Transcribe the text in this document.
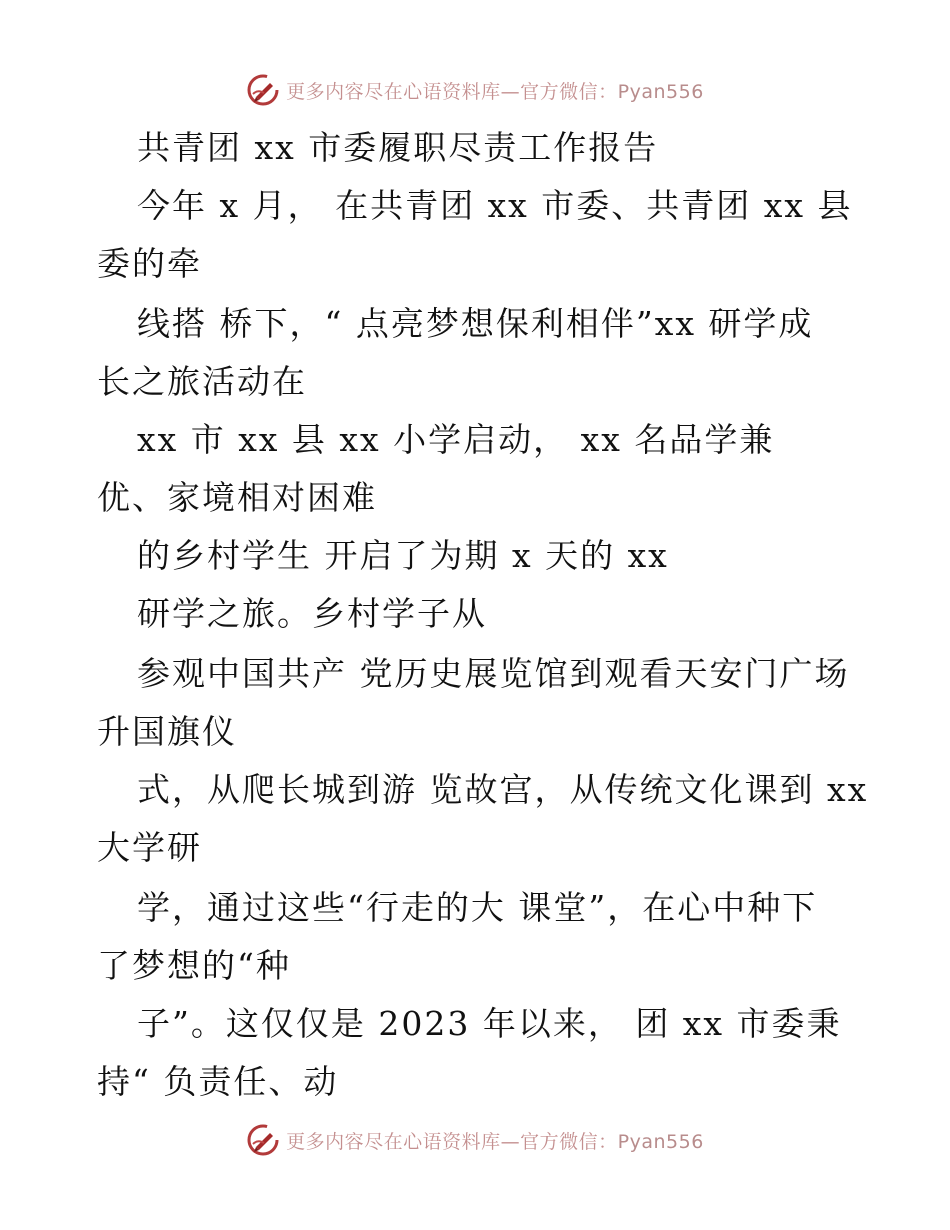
更多内容尽在心语资料库—官方微信：Pyan556
共青团 xx 市委履职尽责工作报告
今年 x 月， 在共青团 xx 市委、共青团 xx 县
委的牵
线搭 桥下，“ 点亮梦想保利相伴”xx 研学成
长之旅活动在
xx 市 xx 县 xx 小学启动， xx 名品学兼
优、家境相对困难
的乡村学生 开启了为期 x 天的 xx
研学之旅。乡村学子从
参观中国共产 党历史展览馆到观看天安门广场
升国旗仪
式，从爬长城到游 览故宫，从传统文化课到 xx
大学研
学，通过这些“行走的大 课堂”，在心中种下
了梦想的“种
子”。这仅仅是 2023 年以来， 团 xx 市委秉
持“ 负责任、动
更多内容尽在心语资料库—官方微信：Pyan556
